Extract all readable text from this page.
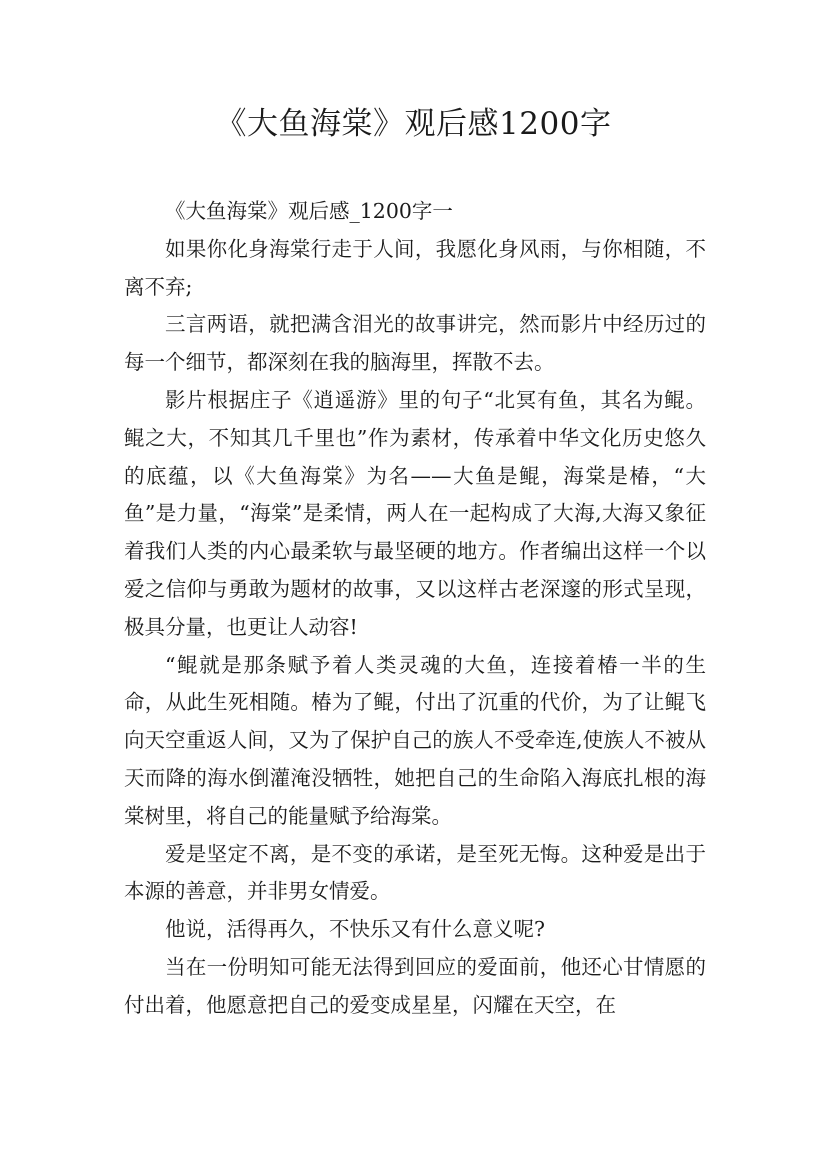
《大鱼海棠》观后感1200字

《大鱼海棠》观后感_1200字一

如果你化身海棠行走于人间，我愿化身风雨，与你相随，不离不弃;

三言两语，就把满含泪光的故事讲完，然而影片中经历过的每一个细节，都深刻在我的脑海里，挥散不去。

影片根据庄子《逍遥游》里的句子“北冥有鱼，其名为鲲。鲲之大，不知其几千里也”作为素材，传承着中华文化历史悠久的底蕴，以《大鱼海棠》为名——大鱼是鲲，海棠是椿，“大鱼”是力量，“海棠”是柔情，两人在一起构成了大海,大海又象征着我们人类的内心最柔软与最坚硬的地方。作者编出这样一个以爱之信仰与勇敢为题材的故事，又以这样古老深邃的形式呈现，极具分量，也更让人动容!

“鲲就是那条赋予着人类灵魂的大鱼，连接着椿一半的生命，从此生死相随。椿为了鲲，付出了沉重的代价，为了让鲲飞向天空重返人间，又为了保护自己的族人不受牵连,使族人不被从天而降的海水倒灌淹没牺牲，她把自己的生命陷入海底扎根的海棠树里，将自己的能量赋予给海棠。

爱是坚定不离，是不变的承诺，是至死无悔。这种爱是出于本源的善意，并非男女情爱。

他说，活得再久，不快乐又有什么意义呢?

当在一份明知可能无法得到回应的爱面前，他还心甘情愿的付出着，他愿意把自己的爱变成星星，闪耀在天空，在
